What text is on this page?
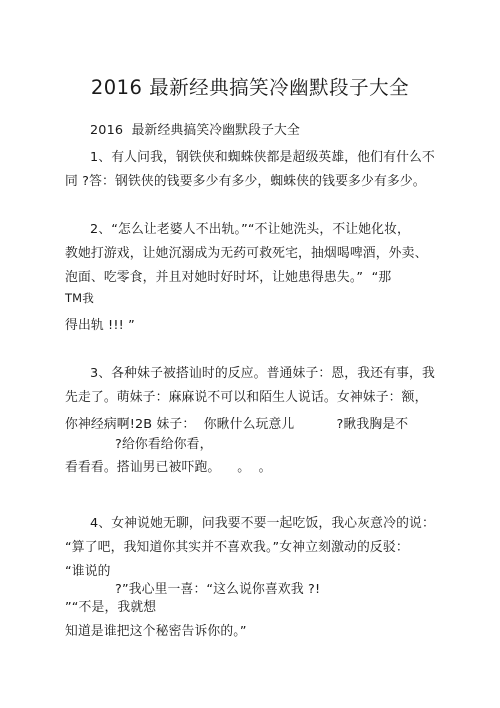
2016 最新经典搞笑冷幽默段子大全
2016  最新经典搞笑冷幽默段子大全
1、有人问我，钢铁侠和蜘蛛侠都是超级英雄，他们有什么不
同 ?答：钢铁侠的钱要多少有多少，蜘蛛侠的钱要多少有多少。
2、“怎么让老婆人不出轨。”“不让她洗头，不让她化妆，
教她打游戏，让她沉溺成为无药可救死宅，抽烟喝啤酒，外卖、
泡面、吃零食，并且对她时好时坏，让她患得患失。”  “那
TM我
得出轨 !!! ”
3、各种妹子被搭讪时的反应。普通妹子：恩，我还有事，我
先走了。萌妹子：麻麻说不可以和陌生人说话。女神妹子：额，
你神经病啊!2B 妹子：  你瞅什么玩意儿          ?瞅我胸是不
?给你看给你看，
看看看。搭讪男已被吓跑。    。  。
4、女神说她无聊，问我要不要一起吃饭，我心灰意冷的说：
“算了吧，我知道你其实并不喜欢我。”女神立刻激动的反驳：
“谁说的
?”我心里一喜：“这么说你喜欢我 ?!
”“不是，我就想
知道是谁把这个秘密告诉你的。”
